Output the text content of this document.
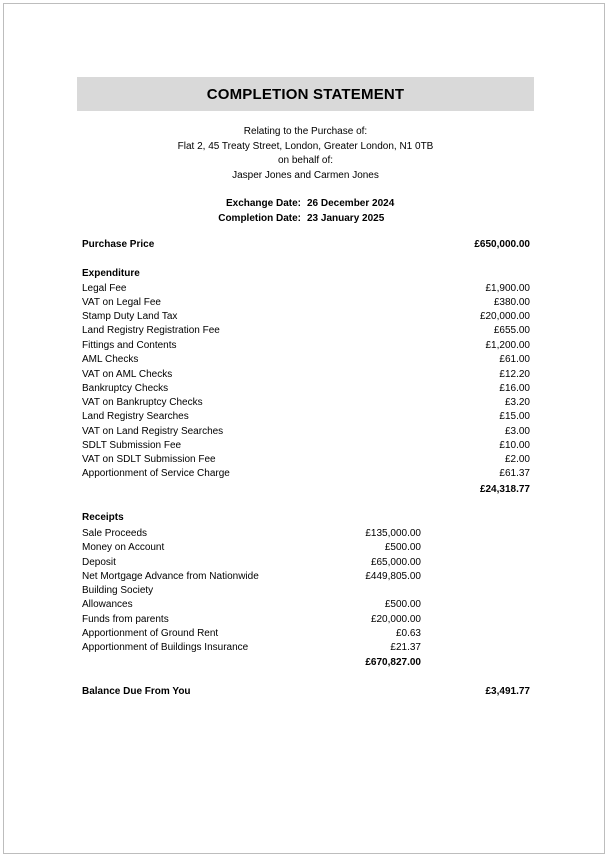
COMPLETION STATEMENT
Relating to the Purchase of:
Flat 2, 45 Treaty Street, London, Greater London, N1 0TB
on behalf of:
Jasper Jones and Carmen Jones
Exchange Date: 26 December 2024
Completion Date: 23 January 2025
Purchase Price	£650,000.00
Expenditure
Legal Fee	£1,900.00
VAT on Legal Fee	£380.00
Stamp Duty Land Tax	£20,000.00
Land Registry Registration Fee	£655.00
Fittings and Contents	£1,200.00
AML Checks	£61.00
VAT on AML Checks	£12.20
Bankruptcy Checks	£16.00
VAT on Bankruptcy Checks	£3.20
Land Registry Searches	£15.00
VAT on Land Registry Searches	£3.00
SDLT Submission Fee	£10.00
VAT on SDLT Submission Fee	£2.00
Apportionment of Service Charge	£61.37
£24,318.77
Receipts
Sale Proceeds	£135,000.00
Money on Account	£500.00
Deposit	£65,000.00
Net Mortgage Advance from Nationwide	£449,805.00
Building Society
Allowances	£500.00
Funds from parents	£20,000.00
Apportionment of Ground Rent	£0.63
Apportionment of Buildings Insurance	£21.37
£670,827.00
Balance Due From You	£3,491.77
